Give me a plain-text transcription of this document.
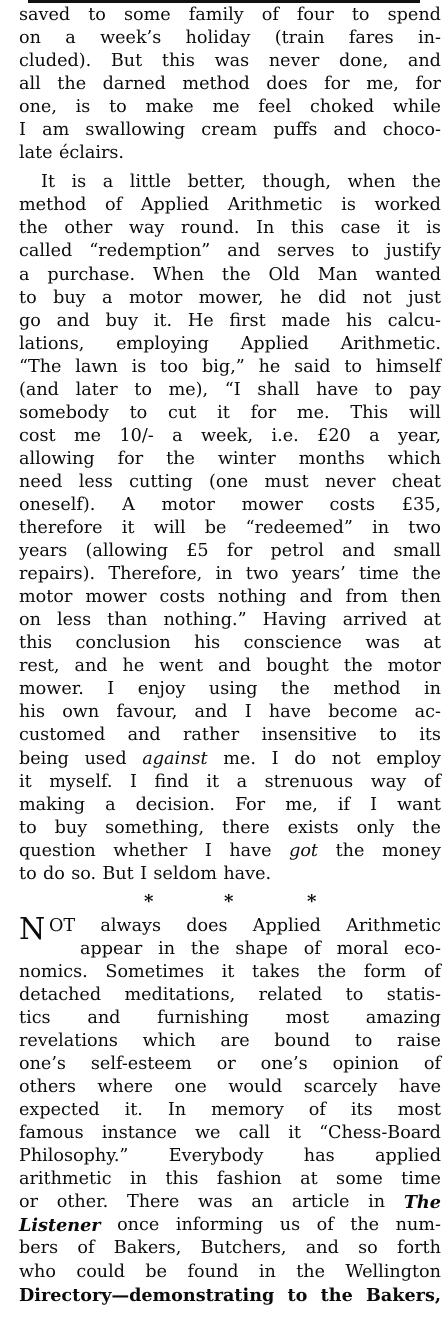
saved to some family of four to spend
on a week’s holiday (train fares in-
cluded). But this was never done, and
all the darned method does for me, for
one, is to make me feel choked while
I am swallowing cream puffs and choco-
late éclairs.
It is a little better, though, when the
method of Applied Arithmetic is worked
the other way round. In this case it is
called “redemption” and serves to justify
a purchase. When the Old Man wanted
to buy a motor mower, he did not just
go and buy it. He first made his calcu-
lations, employing Applied Arithmetic.
“The lawn is too big,” he said to himself
(and later to me), “I shall have to pay
somebody to cut it for me. This will
cost me 10/- a week, i.e. £20 a year,
allowing for the winter months which
need less cutting (one must never cheat
oneself). A motor mower costs £35,
therefore it will be “redeemed” in two
years (allowing £5 for petrol and small
repairs). Therefore, in two years’ time the
motor mower costs nothing and from then
on less than nothing.” Having arrived at
this conclusion his conscience was at
rest, and he went and bought the motor
mower. I enjoy using the method in
his own favour, and I have become ac-
customed and rather insensitive to its
being used against me. I do not employ
it myself. I find it a strenuous way of
making a decision. For me, if I want
to buy something, there exists only the
question whether I have got the money
to do so. But I seldom have.
*	*	*
N OT always does Applied Arithmetic
appear in the shape of moral eco-
nomics. Sometimes it takes the form of
detached meditations, related to statis-
tics and furnishing most amazing
revelations which are bound to raise
one’s self-esteem or one’s opinion of
others where one would scarcely have
expected it. In memory of its most
famous instance we call it “Chess-Board
Philosophy.” Everybody has applied
arithmetic in this fashion at some time
or other. There was an article in The
Listener once informing us of the num-
bers of Bakers, Butchers, and so forth
who could be found in the Wellington
Directory—demonstrating to the Bakers,
